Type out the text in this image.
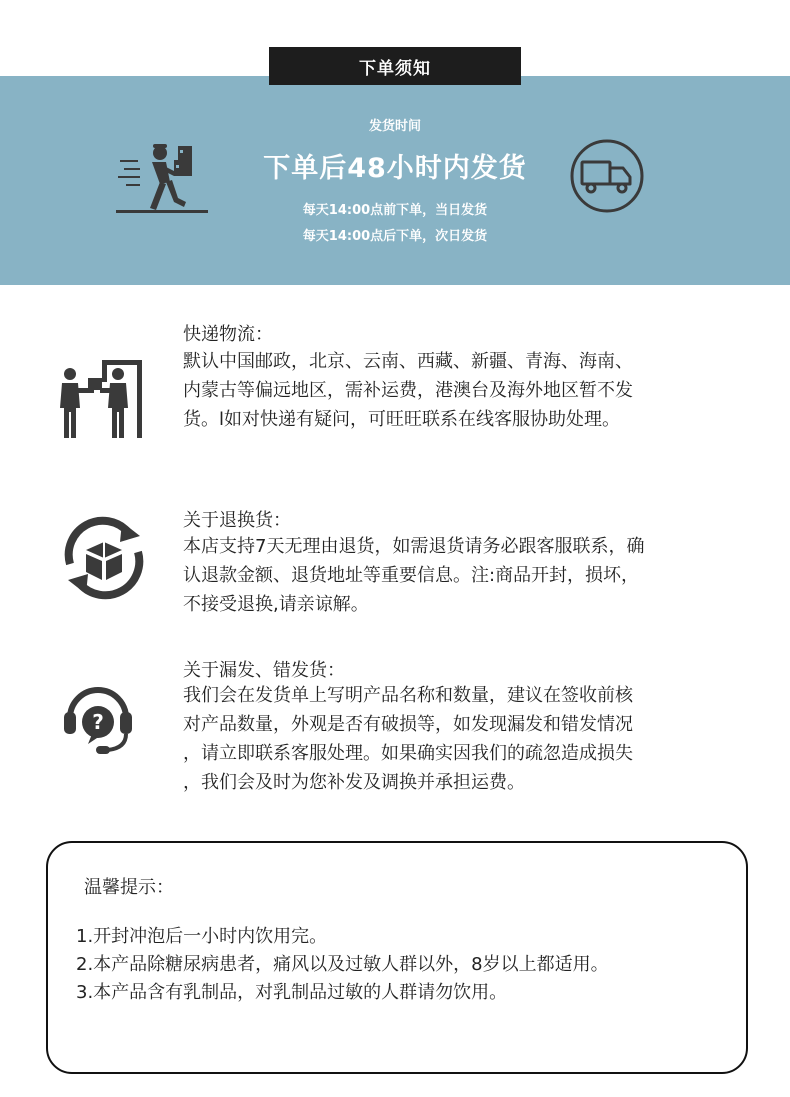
发货时间
下单后48小时内发货
每天14:00点前下单，当日发货
每天14:00点后下单，次日发货
下单须知
快递物流：
默认中国邮政，北京、云南、西藏、新疆、青海、海南、
内蒙古等偏远地区，需补运费，港澳台及海外地区暂不发
货。l如对快递有疑问，可旺旺联系在线客服协助处理。
关于退换货：
本店支持7天无理由退货，如需退货请务必跟客服联系，确
认退款金额、退货地址等重要信息。注:商品开封，损坏，
不接受退换,请亲谅解。
?
关于漏发、错发货：
我们会在发货单上写明产品名称和数量，建议在签收前核
对产品数量，外观是否有破损等，如发现漏发和错发情况
，请立即联系客服处理。如果确实因我们的疏忽造成损失
，我们会及时为您补发及调换并承担运费。
温馨提示：
1.开封冲泡后一小时内饮用完。
2.本产品除糖尿病患者，痛风以及过敏人群以外，8岁以上都适用。
3.本产品含有乳制品，对乳制品过敏的人群请勿饮用。
